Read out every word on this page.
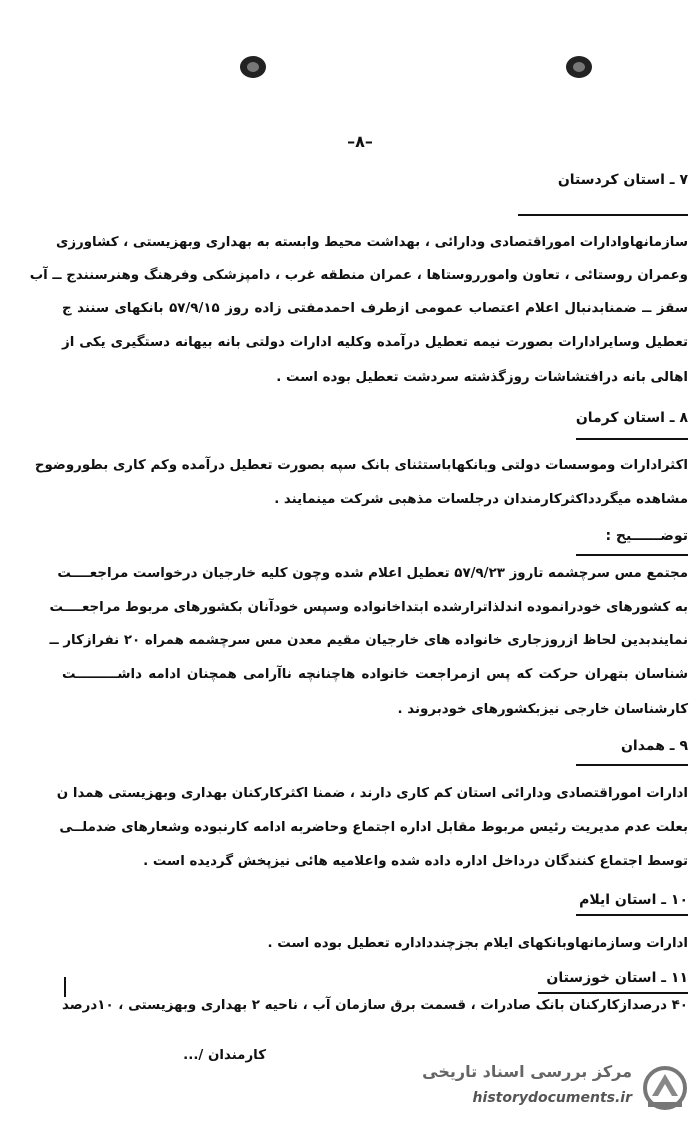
–۸–
۷ ـ استان کردستان
سازمانهاوادارات اموراقتصادی ودارائی ، بهداشت محیط وابسته به بهداری وبهزیستی ، کشاورزی
وعمران روستائی ، تعاون وامورروستاها ، عمران منطقه غرب ، دامپزشکی وفرهنگ وهنرسنندج ــ آب
سقز ــ ضمنابدنبال اعلام اعتصاب عمومی ازطرف احمدمفتی زاده روز ۵۷/۹/۱۵ بانکهای سنند ج
تعطیل وسایرادارات بصورت نیمه تعطیل درآمده وکلیه ادارات دولتی بانه بیهانه دستگیری یکی از
اهالی بانه درافتشاشات روزگذشته سردشت تعطیل بوده است .
۸ ـ استان کرمان
اکثرادارات وموسسات دولتی وبانکهاباستثنای بانک سپه بصورت تعطیل درآمده وکم کاری بطوروضوح
مشاهده میگردداکثرکارمندان درجلسات مذهبی شرکت مینمایند .
توضــــــیح :
مجتمع مس سرچشمه تاروز ۵۷/۹/۲۳ تعطیل اعلام شده وچون کلیه خارجیان درخواست مراجعــــت
به کشورهای خودرانموده اندلذاترارشده ابتداخانواده وسپس خودآنان بکشورهای مربوط مراجعــــت
نمایندبدین لحاظ ازروزجاری خانواده های خارجیان مقیم معدن مس سرچشمه همراه ۲۰ نفرازکار ــ
شناسان بتهران حرکت که پس ازمراجعت خانواده هاچنانچه ناآرامی همچنان ادامه داشـــــــــت
کارشناسان خارجی نیزبکشورهای خودبروند .
۹ ـ همدان
ادارات اموراقتصادی ودارائی استان کم کاری دارند ، ضمنا اکثرکارکنان بهداری وبهزیستی همدا ن
بعلت عدم مدیریت رئیس مربوط مقابل اداره اجتماع وحاضربه ادامه کارنبوده وشعارهای ضدملــی
توسط اجتماع کنندگان درداخل اداره داده شده واعلامیه هائی نیزپخش گردیده است .
۱۰ ـ استان ایلام
ادارات وسازمانهاوبانکهای ایلام بجزچندداداره تعطیل بوده است .
۱۱ ـ استان خوزستان
۴۰ درصدازکارکنان بانک صادرات ، قسمت برق سازمان آب ، ناحیه ۲ بهداری وبهزیستی ، ۱۰درصد
کارمندان /...
مرکز بررسی اسناد تاریخی
historydocuments.ir
